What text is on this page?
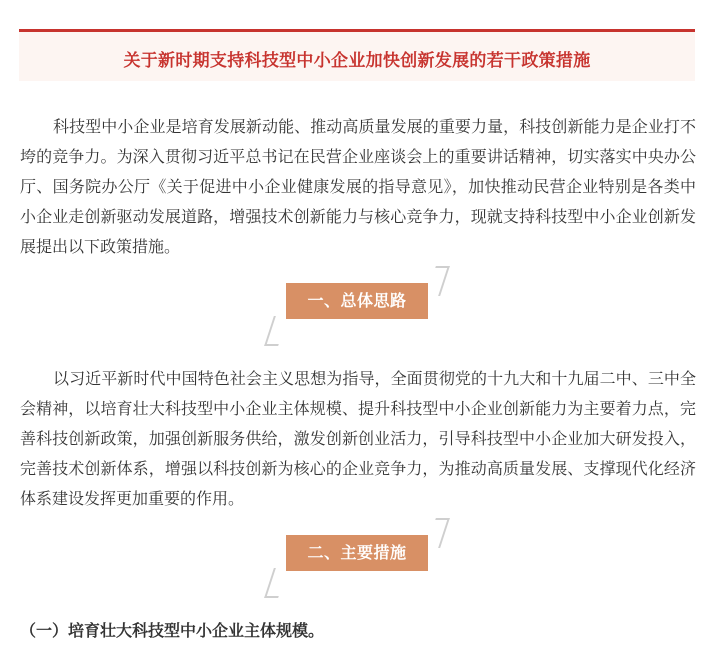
关于新时期支持科技型中小企业加快创新发展的若干政策措施

科技型中小企业是培育发展新动能、推动高质量发展的重要力量，科技创新能力是企业打不垮的竞争力。为深入贯彻习近平总书记在民营企业座谈会上的重要讲话精神，切实落实中央办公厅、国务院办公厅《关于促进中小企业健康发展的指导意见》，加快推动民营企业特别是各类中小企业走创新驱动发展道路，增强技术创新能力与核心竞争力，现就支持科技型中小企业创新发展提出以下政策措施。

一、总体思路

以习近平新时代中国特色社会主义思想为指导，全面贯彻党的十九大和十九届二中、三中全会精神，以培育壮大科技型中小企业主体规模、提升科技型中小企业创新能力为主要着力点，完善科技创新政策，加强创新服务供给，激发创新创业活力，引导科技型中小企业加大研发投入，完善技术创新体系，增强以科技创新为核心的企业竞争力，为推动高质量发展、支撑现代化经济体系建设发挥更加重要的作用。

二、主要措施

（一）培育壮大科技型中小企业主体规模。
